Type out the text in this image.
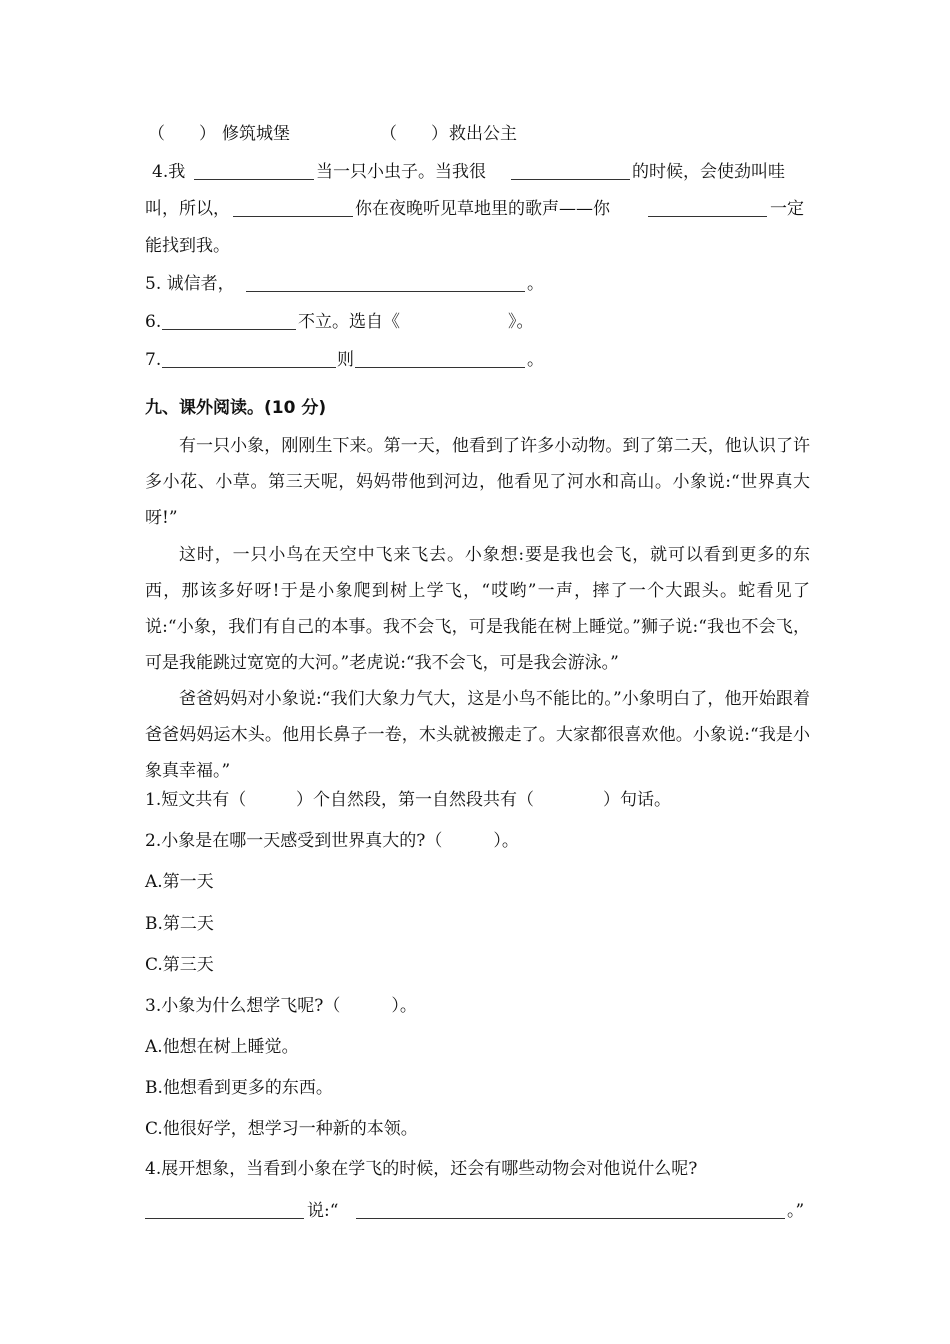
（　　） 修筑城堡	（　　） 救出公主
4.我	当一只小虫子。当我很	的时候，会使劲叫哇
叫，所以，	你在夜晚听见草地里的歌声——你	一定
能找到我。
5. 诚信者，	。
6.	不立。选自《	》。
7.	则	。
九、课外阅读。(10 分)

有一只小象，刚刚生下来。第一天，他看到了许多小动物。到了第二天，他认识了许多小花、小草。第三天呢，妈妈带他到河边，他看见了河水和高山。小象说:“世界真大呀!”

这时，一只小鸟在天空中飞来飞去。小象想:要是我也会飞，就可以看到更多的东西，那该多好呀!于是小象爬到树上学飞，“哎哟”一声，摔了一个大跟头。蛇看见了说:“小象，我们有自己的本事。我不会飞，可是我能在树上睡觉。”狮子说:“我也不会飞，可是我能跳过宽宽的大河。”老虎说:“我不会飞，可是我会游泳。”

爸爸妈妈对小象说:“我们大象力气大，这是小鸟不能比的。”小象明白了，他开始跟着爸爸妈妈运木头。他用长鼻子一卷，木头就被搬走了。大家都很喜欢他。小象说:“我是小象真幸福。”

1.短文共有（	）个自然段，第一自然段共有（	）句话。
2.小象是在哪一天感受到世界真大的?（　　　）。
A.第一天
B.第二天
C.第三天
3.小象为什么想学飞呢?（　　　）。
A.他想在树上睡觉。
B.他想看到更多的东西。
C.他很好学，想学习一种新的本领。
4.展开想象，当看到小象在学飞的时候，还会有哪些动物会对他说什么呢?
说:“	。”
